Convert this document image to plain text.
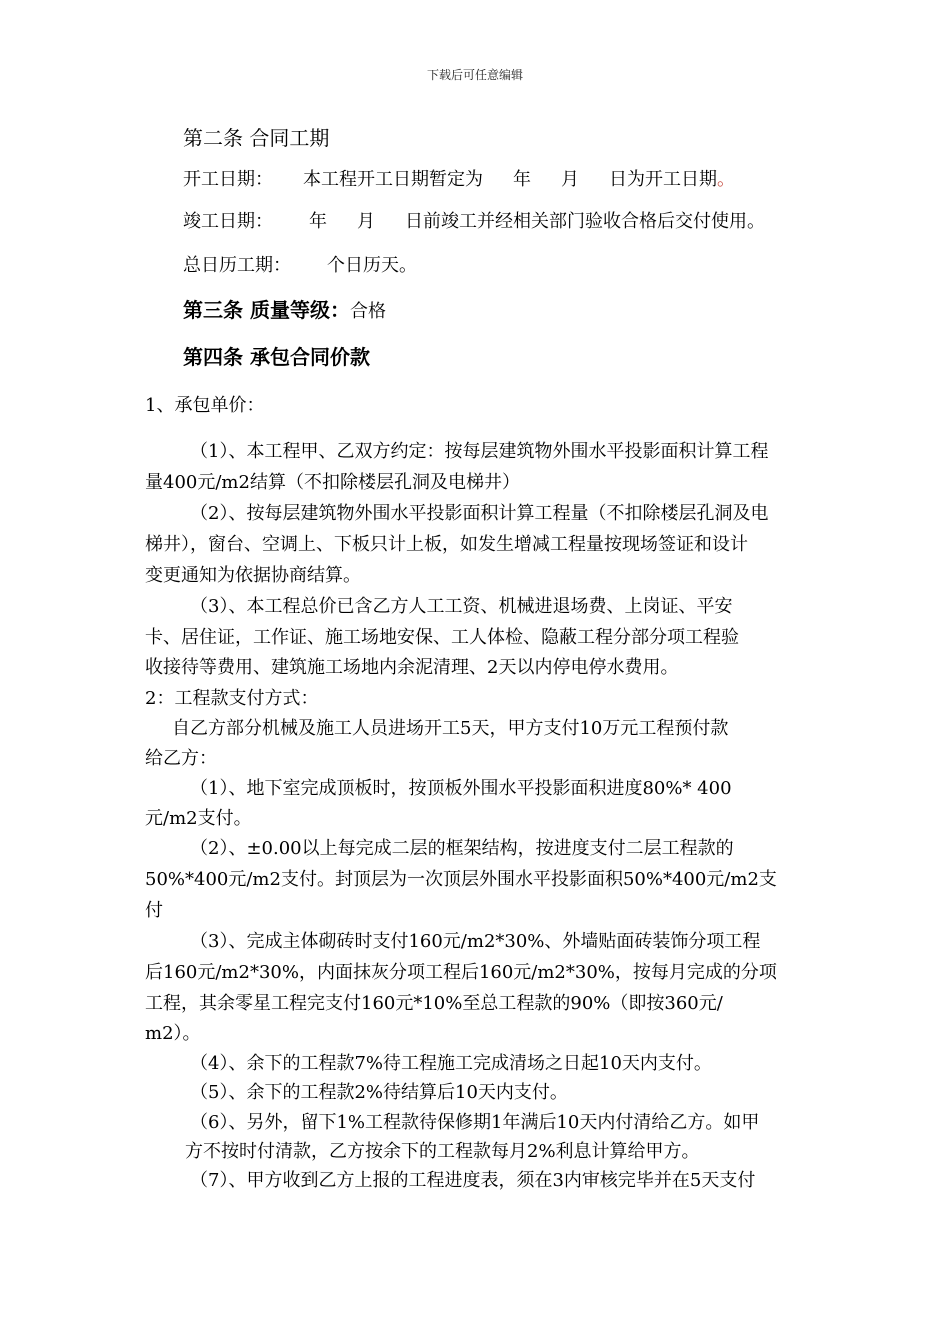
下载后可任意编辑
第二条 合同工期
开工日期： 本工程开工日期暂定为 年 月 日为开工日期。
竣工日期： 年 月 日前竣工并经相关部门验收合格后交付使用。
总日历工期： 个日历天。
第三条 质量等级：合格
第四条 承包合同价款
1、承包单价：
（1）、本工程甲、乙双方约定：按每层建筑物外围水平投影面积计算工程
量400元/m2结算（不扣除楼层孔洞及电梯井）
（2）、按每层建筑物外围水平投影面积计算工程量（不扣除楼层孔洞及电
梯井），窗台、空调上、下板只计上板，如发生增减工程量按现场签证和设计
变更通知为依据协商结算。
（3）、本工程总价已含乙方人工工资、机械进退场费、上岗证、平安
卡、居住证，工作证、施工场地安保、工人体检、隐蔽工程分部分项工程验
收接待等费用、建筑施工场地内余泥清理、2天以内停电停水费用。
2：工程款支付方式：
自乙方部分机械及施工人员进场开工5天，甲方支付10万元工程预付款
给乙方：
（1）、地下室完成顶板时，按顶板外围水平投影面积进度80%* 400
元/m2支付。
（2）、±0.00以上每完成二层的框架结构，按进度支付二层工程款的
50%*400元/m2支付。封顶层为一次顶层外围水平投影面积50%*400元/m2支
付
（3）、完成主体砌砖时支付160元/m2*30%、外墙贴面砖装饰分项工程
后160元/m2*30%，内面抹灰分项工程后160元/m2*30%，按每月完成的分项
工程，其余零星工程完支付160元*10%至总工程款的90%（即按360元/
m2）。
（4）、余下的工程款7%待工程施工完成清场之日起10天内支付。
（5）、余下的工程款2%待结算后10天内支付。
（6）、另外，留下1%工程款待保修期1年满后10天内付清给乙方。如甲
方不按时付清款，乙方按余下的工程款每月2%利息计算给甲方。
（7）、甲方收到乙方上报的工程进度表，须在3内审核完毕并在5天支付
